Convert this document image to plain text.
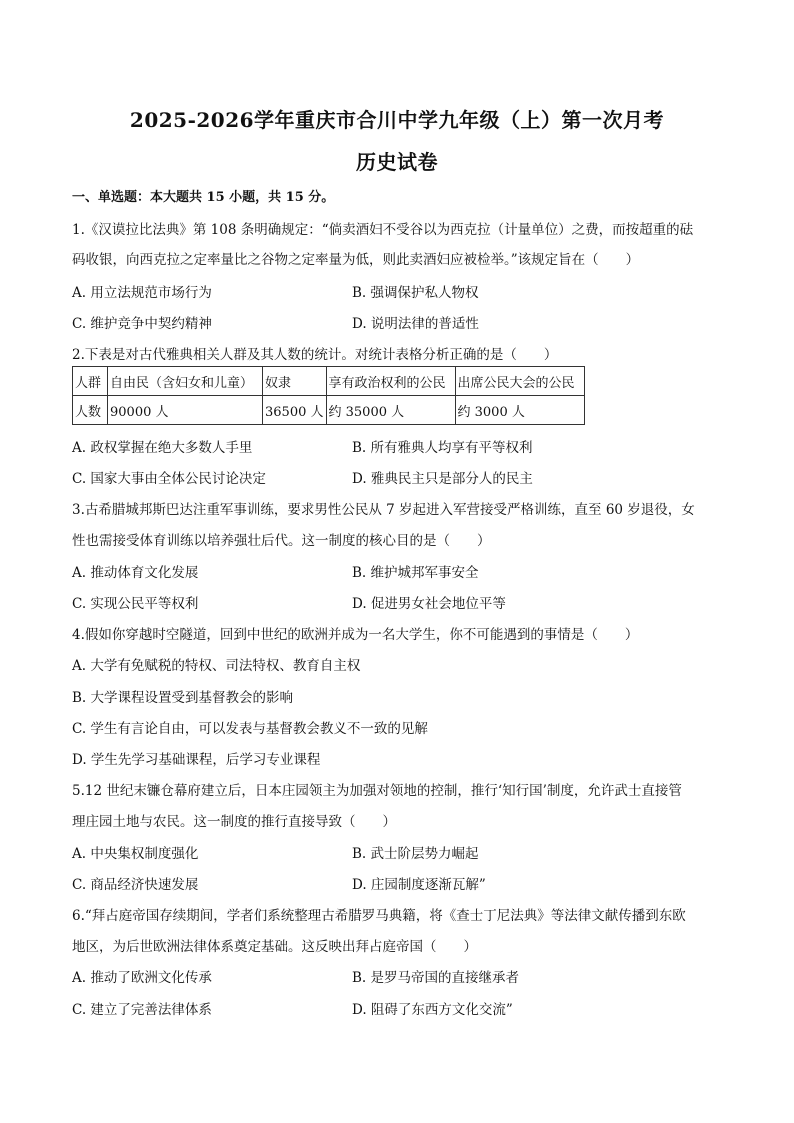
2025-2026学年重庆市合川中学九年级（上）第一次月考
历史试卷
一、单选题：本大题共 15 小题，共 15 分。
1.《汉谟拉比法典》第 108 条明确规定：“倘卖酒妇不受谷以为西克拉（计量单位）之费，而按超重的砝
码收银，向西克拉之定率量比之谷物之定率量为低，则此卖酒妇应被检举。”该规定旨在（　　）
A. 用立法规范市场行为	B. 强调保护私人物权
C. 维护竞争中契约精神	D. 说明法律的普适性
2.下表是对古代雅典相关人群及其人数的统计。对统计表格分析正确的是（　　）
人群	自由民（含妇女和儿童）	奴隶	享有政治权利的公民	出席公民大会的公民
人数	90000 人	36500 人	约 35000 人	约 3000 人
A. 政权掌握在绝大多数人手里	B. 所有雅典人均享有平等权利
C. 国家大事由全体公民讨论决定	D. 雅典民主只是部分人的民主
3.古希腊城邦斯巴达注重军事训练，要求男性公民从 7 岁起进入军营接受严格训练，直至 60 岁退役，女
性也需接受体育训练以培养强壮后代。这一制度的核心目的是（　　）
A. 推动体育文化发展	B. 维护城邦军事安全
C. 实现公民平等权利	D. 促进男女社会地位平等
4.假如你穿越时空隧道，回到中世纪的欧洲并成为一名大学生，你不可能遇到的事情是（　　）
A. 大学有免赋税的特权、司法特权、教育自主权
B. 大学课程设置受到基督教会的影响
C. 学生有言论自由，可以发表与基督教会教义不一致的见解
D. 学生先学习基础课程，后学习专业课程
5.12 世纪末镰仓幕府建立后，日本庄园领主为加强对领地的控制，推行‘知行国’制度，允许武士直接管
理庄园土地与农民。这一制度的推行直接导致（　　）
A. 中央集权制度强化	B. 武士阶层势力崛起
C. 商品经济快速发展	D. 庄园制度逐渐瓦解”
6.“拜占庭帝国存续期间，学者们系统整理古希腊罗马典籍，将《查士丁尼法典》等法律文献传播到东欧
地区，为后世欧洲法律体系奠定基础。这反映出拜占庭帝国（　　）
A. 推动了欧洲文化传承	B. 是罗马帝国的直接继承者
C. 建立了完善法律体系	D. 阻碍了东西方文化交流”
